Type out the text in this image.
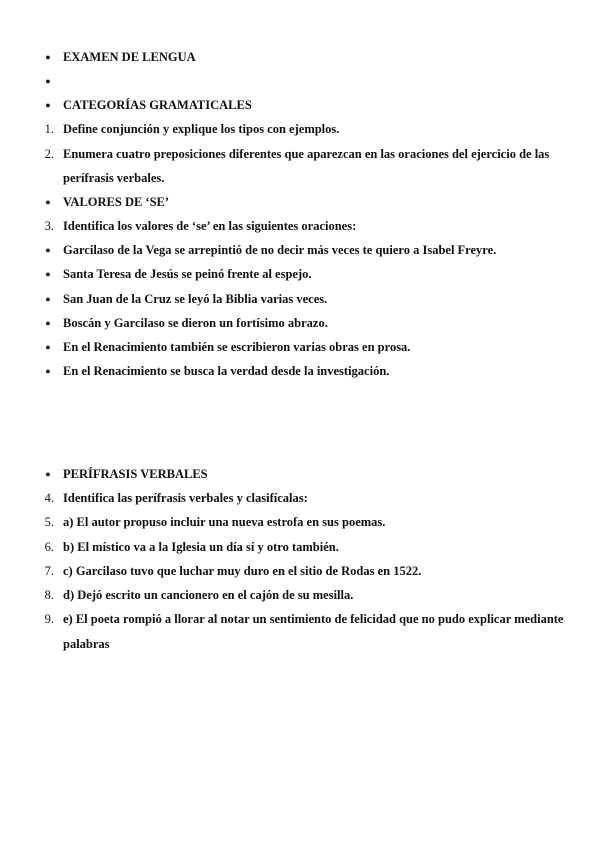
● EXAMEN DE LENGUA
●
● CATEGORÍAS GRAMATICALES
1. Define conjunción y explique los tipos con ejemplos.
2. Enumera cuatro preposiciones diferentes que aparezcan en las oraciones del ejercicio de las
perífrasis verbales.
● VALORES DE ‘SE’
3. Identifica los valores de ‘se’ en las siguientes oraciones:
● Garcilaso de la Vega se arrepintió de no decir más veces te quiero a Isabel Freyre.
● Santa Teresa de Jesús se peinó frente al espejo.
● San Juan de la Cruz se leyó la Biblia varias veces.
● Boscán y Garcilaso se dieron un fortísimo abrazo.
● En el Renacimiento también se escribieron varias obras en prosa.
● En el Renacimiento se busca la verdad desde la investigación.
● PERÍFRASIS VERBALES
4. Identifica las perífrasis verbales y clasifícalas:
5. a) El autor propuso incluir una nueva estrofa en sus poemas.
6. b) El místico va a la Iglesia un día sí y otro también.
7. c) Garcilaso tuvo que luchar muy duro en el sitio de Rodas en 1522.
8. d) Dejó escrito un cancionero en el cajón de su mesilla.
9. e) El poeta rompió a llorar al notar un sentimiento de felicidad que no pudo explicar mediante
palabras
